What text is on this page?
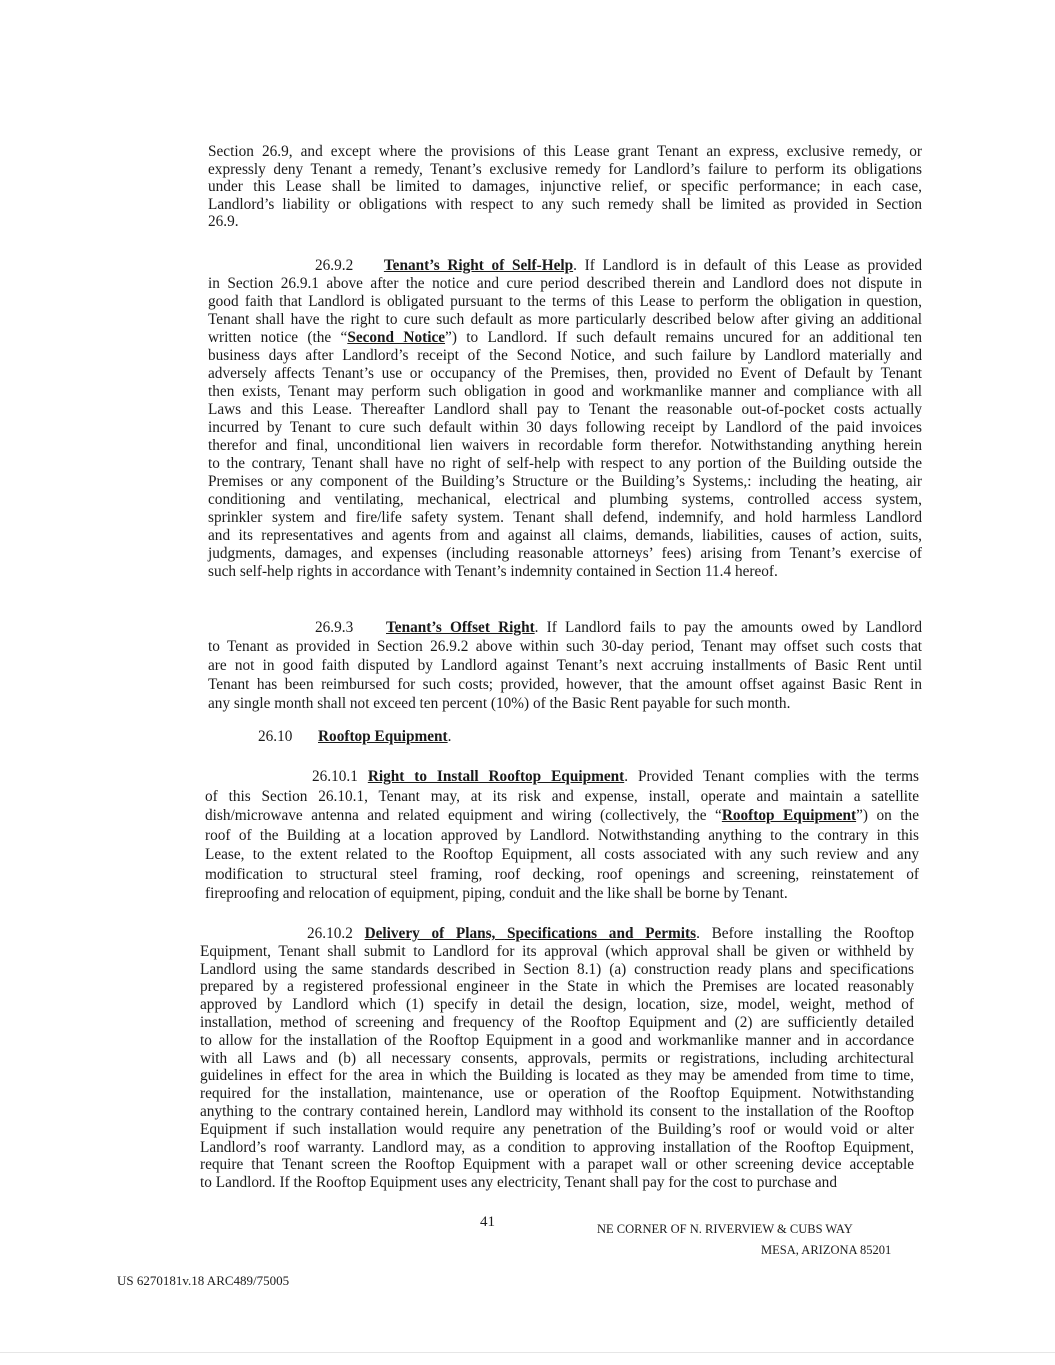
26.10 Rooftop Equipment.
41	NE CORNER OF N. RIVERVIEW & CUBS WAY
MESA, ARIZONA 85201
US 6270181v.18 ARC489/75005
Section 26.9, and except where the provisions of this Lease grant Tenant an express, exclusive remedy, or
expressly deny Tenant a remedy, Tenant’s exclusive remedy for Landlord’s failure to perform its obligations
under this Lease shall be limited to damages, injunctive relief, or specific performance; in each case,
Landlord’s liability or obligations with respect to any such remedy shall be limited as provided in Section
26.9.
26.9.2    Tenant’s Right of Self-Help. If Landlord is in default of this Lease as provided
in Section 26.9.1 above after the notice and cure period described therein and Landlord does not dispute in
good faith that Landlord is obligated pursuant to the terms of this Lease to perform the obligation in question,
Tenant shall have the right to cure such default as more particularly described below after giving an additional
written notice (the “Second Notice”) to Landlord. If such default remains uncured for an additional ten
business days after Landlord’s receipt of the Second Notice, and such failure by Landlord materially and
adversely affects Tenant’s use or occupancy of the Premises, then, provided no Event of Default by Tenant
then exists, Tenant may perform such obligation in good and workmanlike manner and compliance with all
Laws and this Lease. Thereafter Landlord shall pay to Tenant the reasonable out-of-pocket costs actually
incurred by Tenant to cure such default within 30 days following receipt by Landlord of the paid invoices
therefor and final, unconditional lien waivers in recordable form therefor. Notwithstanding anything herein
to the contrary, Tenant shall have no right of self-help with respect to any portion of the Building outside the
Premises or any component of the Building’s Structure or the Building’s Systems,: including the heating, air
conditioning and ventilating, mechanical, electrical and plumbing systems, controlled access system,
sprinkler system and fire/life safety system. Tenant shall defend, indemnify, and hold harmless Landlord
and its representatives and agents from and against all claims, demands, liabilities, causes of action, suits,
judgments, damages, and expenses (including reasonable attorneys’ fees) arising from Tenant’s exercise of
such self-help rights in accordance with Tenant’s indemnity contained in Section 11.4 hereof.
26.9.3    Tenant’s Offset Right. If Landlord fails to pay the amounts owed by Landlord
to Tenant as provided in Section 26.9.2 above within such 30-day period, Tenant may offset such costs that
are not in good faith disputed by Landlord against Tenant’s next accruing installments of Basic Rent until
Tenant has been reimbursed for such costs; provided, however, that the amount offset against Basic Rent in
any single month shall not exceed ten percent (10%) of the Basic Rent payable for such month.
26.10.1 Right to Install Rooftop Equipment. Provided Tenant complies with the terms
of this Section 26.10.1, Tenant may, at its risk and expense, install, operate and maintain a satellite
dish/microwave antenna and related equipment and wiring (collectively, the “Rooftop Equipment”) on the
roof of the Building at a location approved by Landlord. Notwithstanding anything to the contrary in this
Lease, to the extent related to the Rooftop Equipment, all costs associated with any such review and any
modification to structural steel framing, roof decking, roof openings and screening, reinstatement of
fireproofing and relocation of equipment, piping, conduit and the like shall be borne by Tenant.
26.10.2 Delivery of Plans, Specifications and Permits. Before installing the Rooftop
Equipment, Tenant shall submit to Landlord for its approval (which approval shall be given or withheld by
Landlord using the same standards described in Section 8.1) (a) construction ready plans and specifications
prepared by a registered professional engineer in the State in which the Premises are located reasonably
approved by Landlord which (1) specify in detail the design, location, size, model, weight, method of
installation, method of screening and frequency of the Rooftop Equipment and (2) are sufficiently detailed
to allow for the installation of the Rooftop Equipment in a good and workmanlike manner and in accordance
with all Laws and (b) all necessary consents, approvals, permits or registrations, including architectural
guidelines in effect for the area in which the Building is located as they may be amended from time to time,
required for the installation, maintenance, use or operation of the Rooftop Equipment. Notwithstanding
anything to the contrary contained herein, Landlord may withhold its consent to the installation of the Rooftop
Equipment if such installation would require any penetration of the Building’s roof or would void or alter
Landlord’s roof warranty. Landlord may, as a condition to approving installation of the Rooftop Equipment,
require that Tenant screen the Rooftop Equipment with a parapet wall or other screening device acceptable
to Landlord. If the Rooftop Equipment uses any electricity, Tenant shall pay for the cost to purchase and
